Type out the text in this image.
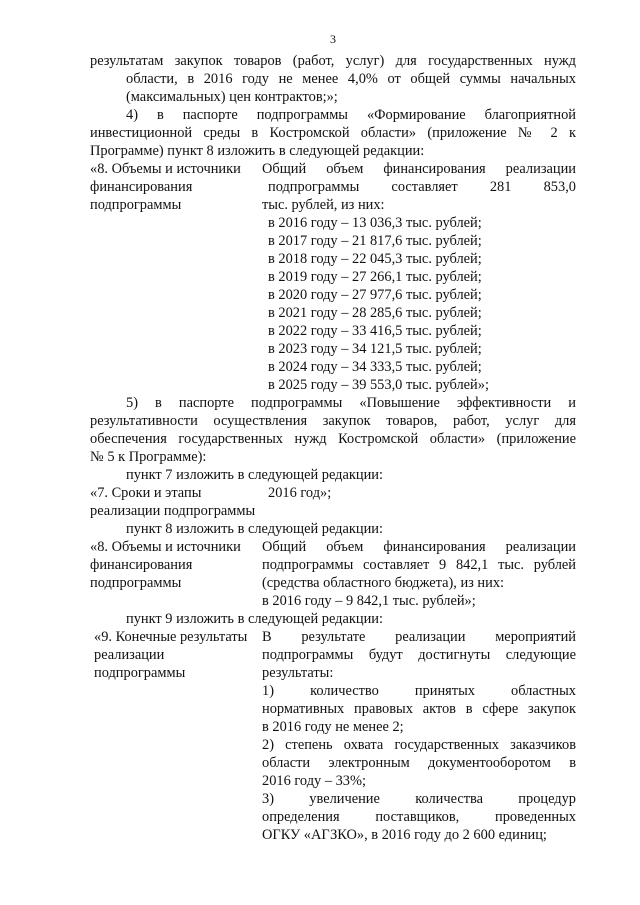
3

результатам закупок товаров (работ, услуг) для государственных нужд
области, в 2016 году не менее 4,0% от общей суммы начальных
(максимальных) цен контрактов;»;

4) в паспорте подпрограммы «Формирование благоприятной
инвестиционной среды в Костромской области» (приложение № 2 к
Программе) пункт 8 изложить в следующей редакции:

«8. Объемы и источники
финансирования
подпрограммы
Общий объем финансирования реализации
подпрограммы составляет 281 853,0
тыс. рублей, из них:
в 2016 году – 13 036,3 тыс. рублей;
в 2017 году – 21 817,6 тыс. рублей;
в 2018 году – 22 045,3 тыс. рублей;
в 2019 году – 27 266,1 тыс. рублей;
в 2020 году – 27 977,6 тыс. рублей;
в 2021 году – 28 285,6 тыс. рублей;
в 2022 году – 33 416,5 тыс. рублей;
в 2023 году – 34 121,5 тыс. рублей;
в 2024 году – 34 333,5 тыс. рублей;
в 2025 году – 39 553,0 тыс. рублей»;

5) в паспорте подпрограммы «Повышение эффективности и
результативности осуществления закупок товаров, работ, услуг для
обеспечения государственных нужд Костромской области» (приложение
№ 5 к Программе):

пункт 7 изложить в следующей редакции:

«7. Сроки и этапы
реализации подпрограммы
2016 год»;

пункт 8 изложить в следующей редакции:

«8. Объемы и источники
финансирования
подпрограммы
Общий объем финансирования реализации
подпрограммы составляет 9 842,1 тыс. рублей
(средства областного бюджета), из них:
в 2016 году – 9 842,1 тыс. рублей»;

пункт 9 изложить в следующей редакции:

«9. Конечные результаты
реализации
подпрограммы
В результате реализации мероприятий
подпрограммы будут достигнуты следующие
результаты:
1) количество принятых областных
нормативных правовых актов в сфере закупок
в 2016 году не менее 2;
2) степень охвата государственных заказчиков
области электронным документооборотом в
2016 году – 33%;
3) увеличение количества процедур
определения поставщиков, проведенных
ОГКУ «АГЗКО», в 2016 году до 2 600 единиц;
